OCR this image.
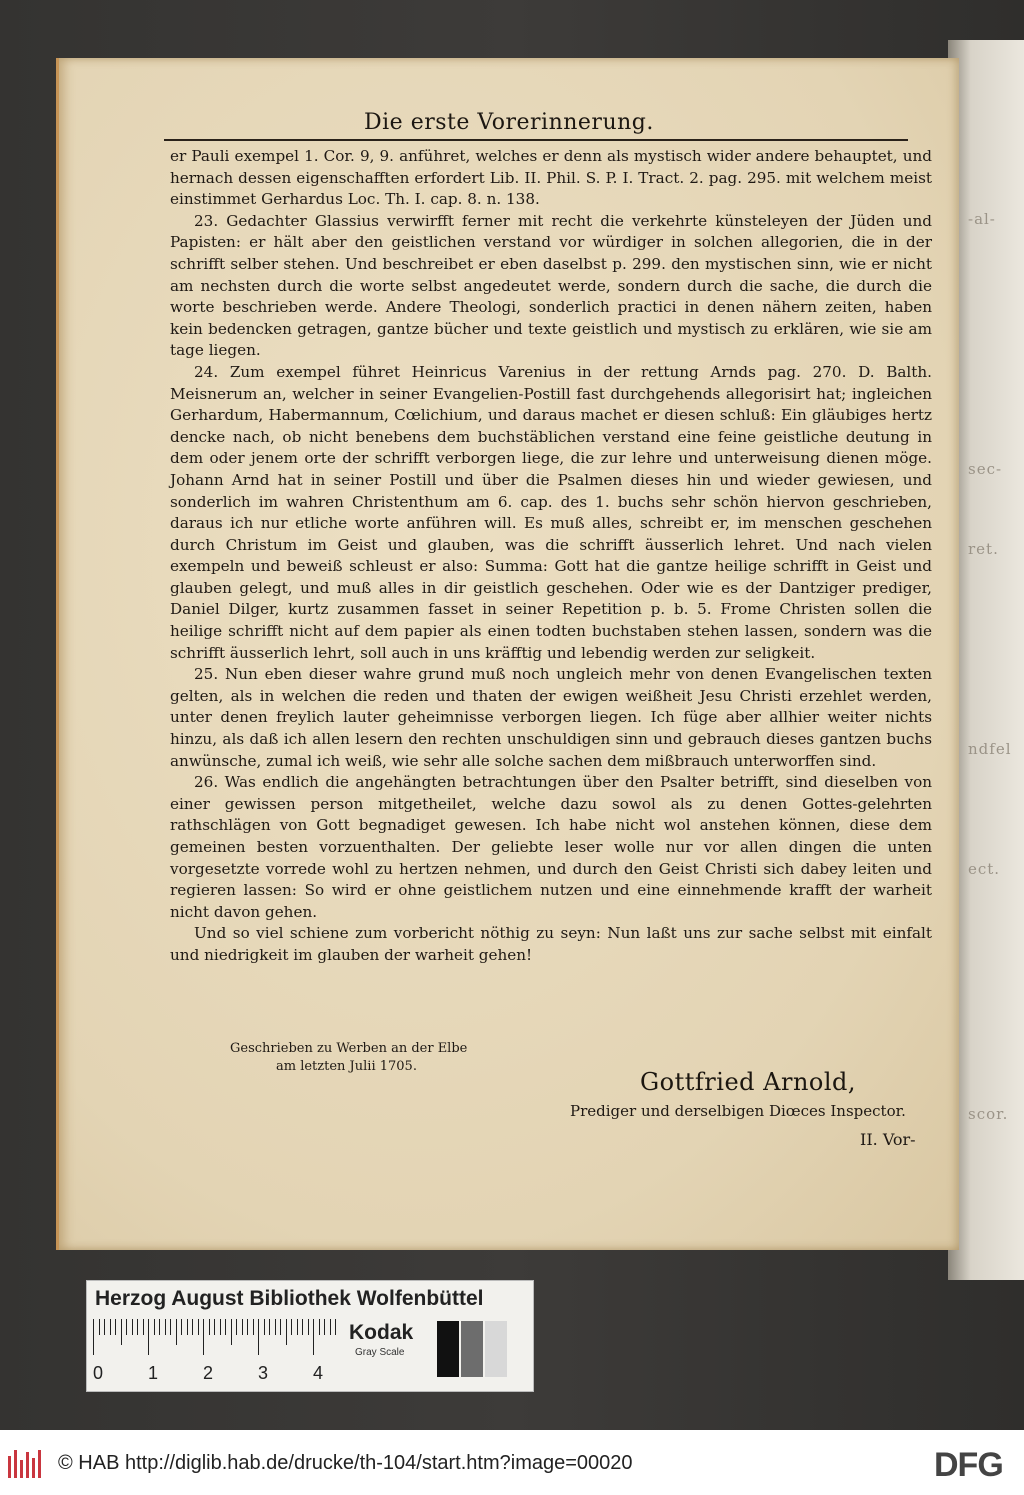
-al-
sec-
ret.
ndfel
ect.
scor.
Die erste Vorerinnerung.

er Pauli exempel 1. Cor. 9, 9. anführet, welches er denn als mystisch wider andere behauptet, und hernach dessen eigenschafften erfordert Lib. II. Phil. S. P. I. Tract. 2. pag. 295. mit welchem meist einstimmet Gerhardus Loc. Th. I. cap. 8. n. 138.

23. Gedachter Glassius verwirfft ferner mit recht die verkehrte künsteleyen der Jüden und Papisten: er hält aber den geistlichen verstand vor würdiger in solchen allegorien, die in der schrifft selber stehen. Und beschreibet er eben daselbst p. 299. den mystischen sinn, wie er nicht am nechsten durch die worte selbst angedeutet werde, sondern durch die sache, die durch die worte beschrieben werde. Andere Theologi, sonderlich practici in denen nähern zeiten, haben kein bedencken getragen, gantze bücher und texte geistlich und mystisch zu erklären, wie sie am tage liegen.

24. Zum exempel führet Heinricus Varenius in der rettung Arnds pag. 270. D. Balth. Meisnerum an, welcher in seiner Evangelien-Postill fast durchgehends allegorisirt hat; ingleichen Gerhardum, Habermannum, Cœlichium, und daraus machet er diesen schluß: Ein gläubiges hertz dencke nach, ob nicht benebens dem buchstäblichen verstand eine feine geistliche deutung in dem oder jenem orte der schrifft verborgen liege, die zur lehre und unterweisung dienen möge. Johann Arnd hat in seiner Postill und über die Psalmen dieses hin und wieder gewiesen, und sonderlich im wahren Christenthum am 6. cap. des 1. buchs sehr schön hiervon geschrieben, daraus ich nur etliche worte anführen will. Es muß alles, schreibt er, im menschen geschehen durch Christum im Geist und glauben, was die schrifft äusserlich lehret. Und nach vielen exempeln und beweiß schleust er also: Summa: Gott hat die gantze heilige schrifft in Geist und glauben gelegt, und muß alles in dir geistlich geschehen. Oder wie es der Dantziger prediger, Daniel Dilger, kurtz zusammen fasset in seiner Repetition p. b. 5. Frome Christen sollen die heilige schrifft nicht auf dem papier als einen todten buchstaben stehen lassen, sondern was die schrifft äusserlich lehrt, soll auch in uns kräfftig und lebendig werden zur seligkeit.

25. Nun eben dieser wahre grund muß noch ungleich mehr von denen Evangelischen texten gelten, als in welchen die reden und thaten der ewigen weißheit Jesu Christi erzehlet werden, unter denen freylich lauter geheimnisse verborgen liegen. Ich füge aber allhier weiter nichts hinzu, als daß ich allen lesern den rechten unschuldigen sinn und gebrauch dieses gantzen buchs anwünsche, zumal ich weiß, wie sehr alle solche sachen dem mißbrauch unterworffen sind.

26. Was endlich die angehängten betrachtungen über den Psalter betrifft, sind dieselben von einer gewissen person mitgetheilet, welche dazu sowol als zu denen Gottes-gelehrten rathschlägen von Gott begnadiget gewesen. Ich habe nicht wol anstehen können, diese dem gemeinen besten vorzuenthalten. Der geliebte leser wolle nur vor allen dingen die unten vorgesetzte vorrede wohl zu hertzen nehmen, und durch den Geist Christi sich dabey leiten und regieren lassen: So wird er ohne geistlichem nutzen und eine einnehmende krafft der warheit nicht davon gehen.

Und so viel schiene zum vorbericht nöthig zu seyn: Nun laßt uns zur sache selbst mit einfalt und niedrigkeit im glauben der warheit gehen!

Geschrieben zu Werben an der Elbe
am letzten Julii 1705.
Gottfried Arnold,
Prediger und derselbigen Diœces Inspector.
II. Vor-
Herzog August Bibliothek Wolfenbüttel
0 1 2 3 4
Kodak
Gray Scale
© HAB http://diglib.hab.de/drucke/th-104/start.htm?image=00020	DFG
